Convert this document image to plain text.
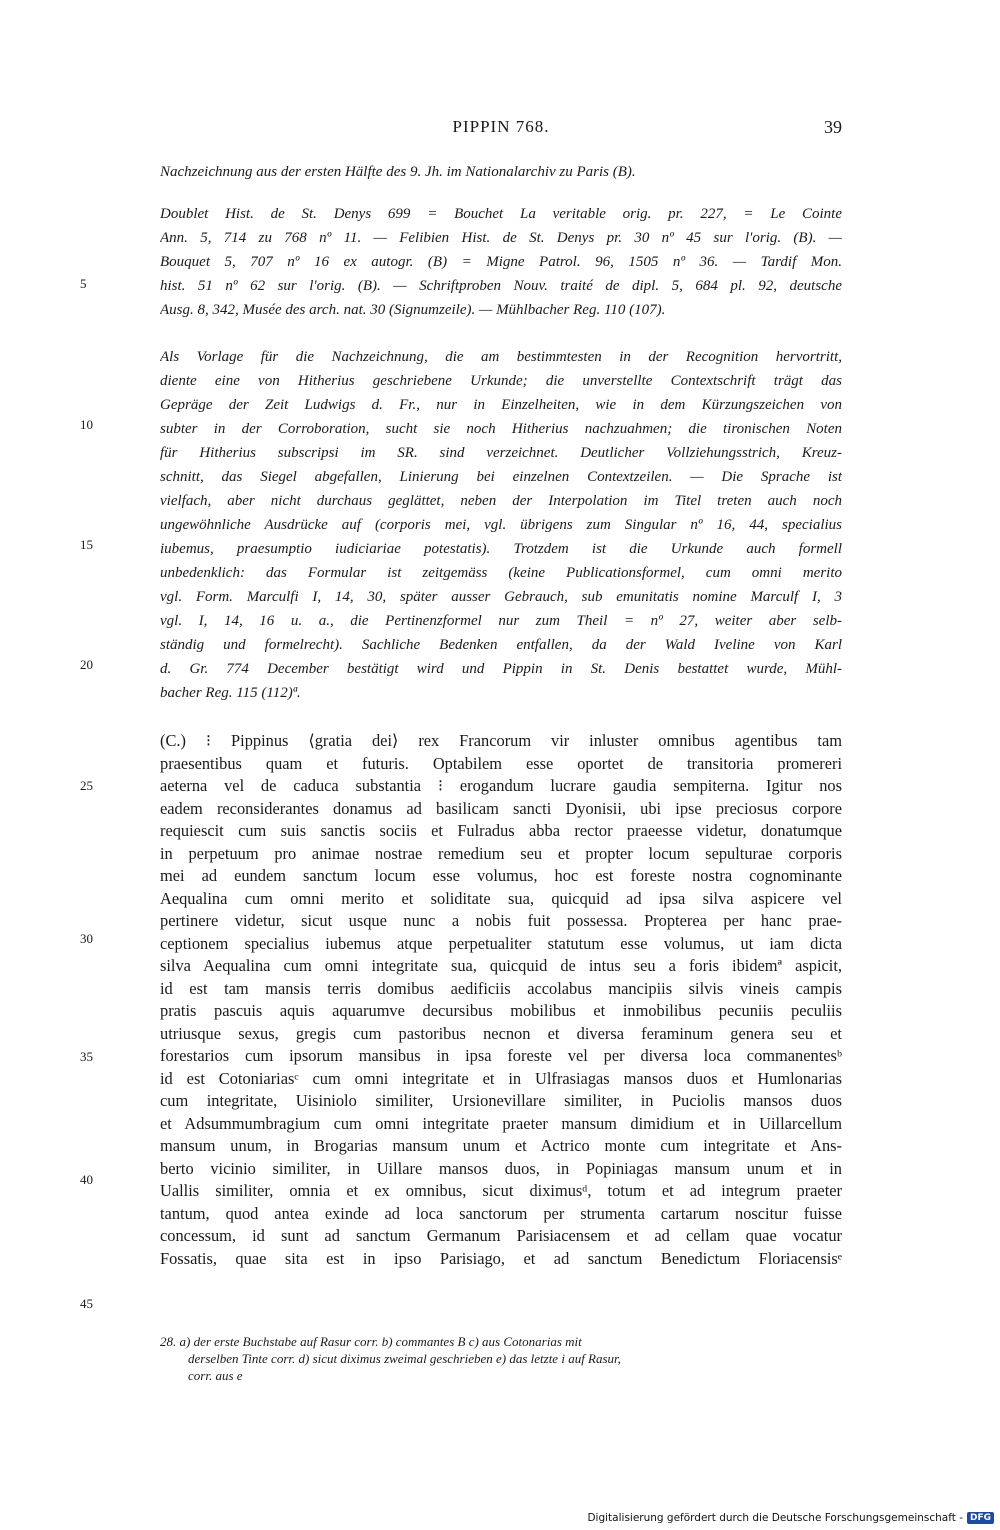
PIPPIN 768.	39
Nachzeichnung aus der ersten Hälfte des 9. Jh. im Nationalarchiv zu Paris (B).
Doublet Hist. de St. Denys 699 = Bouchet La veritable orig. pr. 227, = Le Cointe
Ann. 5, 714 zu 768 nº 11. — Felibien Hist. de St. Denys pr. 30 nº 45 sur l'orig. (B). —
Bouquet 5, 707 nº 16 ex autogr. (B) = Migne Patrol. 96, 1505 nº 36. — Tardif Mon.
hist. 51 nº 62 sur l'orig. (B). — Schriftproben Nouv. traité de dipl. 5, 684 pl. 92, deutsche
Ausg. 8, 342, Musée des arch. nat. 30 (Signumzeile). — Mühlbacher Reg. 110 (107).
Als Vorlage für die Nachzeichnung, die am bestimmtesten in der Recognition hervortritt,
diente eine von Hitherius geschriebene Urkunde; die unverstellte Contextschrift trägt das
Gepräge der Zeit Ludwigs d. Fr., nur in Einzelheiten, wie in dem Kürzungszeichen von
subter in der Corroboration, sucht sie noch Hitherius nachzuahmen; die tironischen Noten
für Hitherius subscripsi im SR. sind verzeichnet. Deutlicher Vollziehungsstrich, Kreuz-
schnitt, das Siegel abgefallen, Linierung bei einzelnen Contextzeilen. — Die Sprache ist
vielfach, aber nicht durchaus geglättet, neben der Interpolation im Titel treten auch noch
ungewöhnliche Ausdrücke auf (corporis mei, vgl. übrigens zum Singular nº 16, 44, specialius
iubemus, praesumptio iudiciariae potestatis). Trotzdem ist die Urkunde auch formell
unbedenklich: das Formular ist zeitgemäss (keine Publicationsformel, cum omni merito
vgl. Form. Marculfi I, 14, 30, später ausser Gebrauch, sub emunitatis nomine Marculf I, 3
vgl. I, 14, 16 u. a., die Pertinenzformel nur zum Theil = nº 27, weiter aber selb-
ständig und formelrecht). Sachliche Bedenken entfallen, da der Wald Iveline von Karl
d. Gr. 774 December bestätigt wird und Pippin in St. Denis bestattet wurde, Mühl-
bacher Reg. 115 (112)ª.
(C.) ⁝ Pippinus ⟨gratia dei⟩ rex Francorum vir inluster omnibus agentibus tam
praesentibus quam et futuris. Optabilem esse oportet de transitoria promereri
aeterna vel de caduca substantia ⁝ erogandum lucrare gaudia sempiterna. Igitur nos
eadem reconsiderantes donamus ad basilicam sancti Dyonisii, ubi ipse preciosus corpore
requiescit cum suis sanctis sociis et Fulradus abba rector praeesse videtur, donatumque
in perpetuum pro animae nostrae remedium seu et propter locum sepulturae corporis
mei ad eundem sanctum locum esse volumus, hoc est foreste nostra cognominante
Aequalina cum omni merito et soliditate sua, quicquid ad ipsa silva aspicere vel
pertinere videtur, sicut usque nunc a nobis fuit possessa. Propterea per hanc prae-
ceptionem specialius iubemus atque perpetualiter statutum esse volumus, ut iam dicta
silva Aequalina cum omni integritate sua, quicquid de intus seu a foris ibidemª aspicit,
id est tam mansis terris domibus aedificiis accolabus mancipiis silvis vineis campis
pratis pascuis aquis aquarumve decursibus mobilibus et inmobilibus pecuniis peculiis
utriusque sexus, gregis cum pastoribus necnon et diversa feraminum genera seu et
forestarios cum ipsorum mansibus in ipsa foreste vel per diversa loca commanentesᵇ
id est Cotoniariasᶜ cum omni integritate et in Ulfrasiagas mansos duos et Humlonarias
cum integritate, Uisiniolo similiter, Ursionevillare similiter, in Puciolis mansos duos
et Adsummumbragium cum omni integritate praeter mansum dimidium et in Uillarcellum
mansum unum, in Brogarias mansum unum et Actrico monte cum integritate et Ans-
berto vicinio similiter, in Uillare mansos duos, in Popiniagas mansum unum et in
Uallis similiter, omnia et ex omnibus, sicut diximusᵈ, totum et ad integrum praeter
tantum, quod antea exinde ad loca sanctorum per strumenta cartarum noscitur fuisse
concessum, id sunt ad sanctum Germanum Parisiacensem et ad cellam quae vocatur
Fossatis, quae sita est in ipso Parisiago, et ad sanctum Benedictum Floriacensisᵉ
5
10
15
20
25
30
35
40
45
28. a) der erste Buchstabe auf Rasur corr. b) commantes B c) aus Cotonarias mit
derselben Tinte corr. d) sicut diximus zweimal geschrieben e) das letzte i auf Rasur,
corr. aus e
Digitalisierung gefördert durch die Deutsche Forschungsgemeinschaft - DFG
